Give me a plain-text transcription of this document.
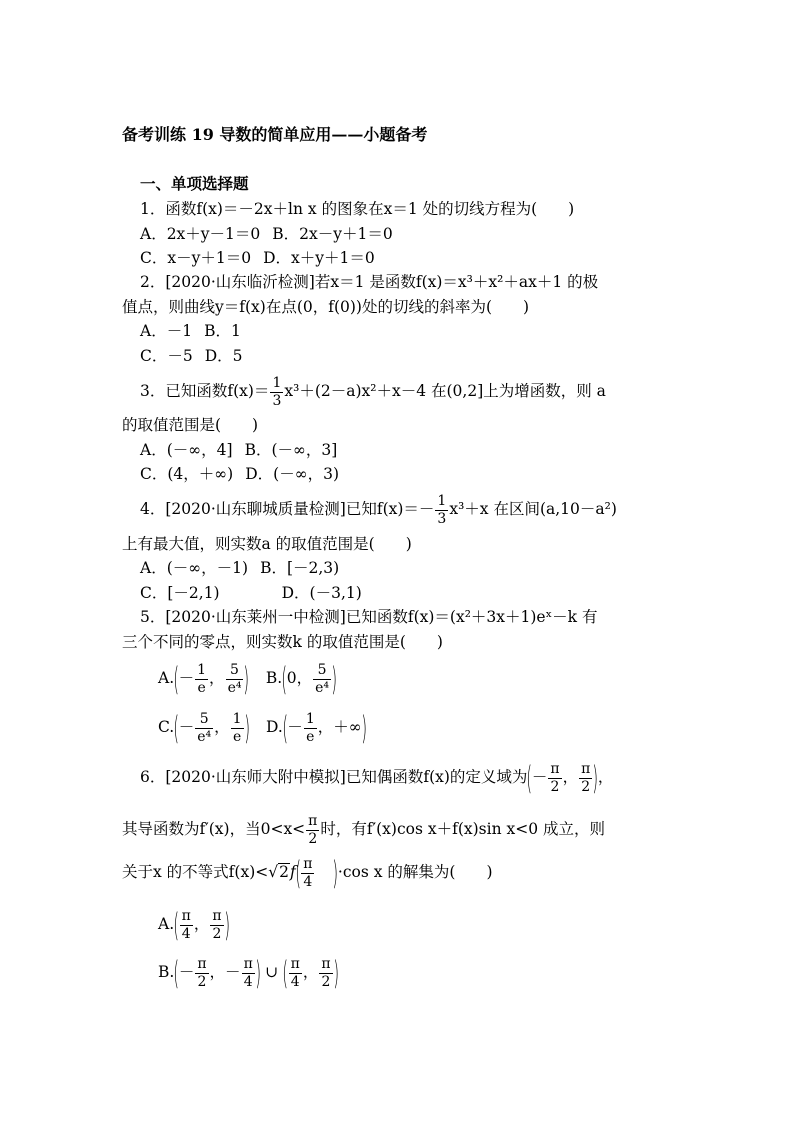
备考训练 19 导数的简单应用——小题备考
一、单项选择题
1．函数f(x)＝－2x＋ln x 的图象在x＝1 处的切线方程为(　　)
A．2x＋y－1＝0 B．2x－y＋1＝0
C．x－y＋1＝0 D．x＋y＋1＝0
2．[2020·山东临沂检测]若x＝1 是函数f(x)＝x³＋x²＋ax＋1 的极
值点，则曲线y＝f(x)在点(0，f(0))处的切线的斜率为(　　)
A．－1 B．1
C．－5 D．5
3．已知函数$f(x)= \frac{1}{3} x^3+(2-a)x^2+x-4$ 在(0,2]上为增函数，则 a
的取值范围是(　　)
A．(－∞，4] B．(－∞，3]
C．(4，＋∞) D．(－∞，3)
4．[2020·山东聊城质量检测]已知$f(x)=- \frac{1}{3} x^3+x$ 在区间(a,10－a²)
上有最大值，则实数a 的取值范围是(　　)
A．(－∞，－1) B．[－2,3)
C．[－2,1)	D．(－3,1)
5．[2020·山东莱州一中检测]已知函数f(x)＝(x²＋3x＋1)eˣ－k 有
三个不同的零点，则实数k 的取值范围是(　　)
$A.(- \frac{1}{e}$ ， $\frac{5}{\text{e⁴}}$ ) B.(0， $\frac{5}{\text{e⁴}}$ )
$C.(- \frac{5}{\text{e⁴}}$ ， $\frac{1}{e}$ ) $D.(- \frac{1}{e}$ ，＋∞)
6．[2020·山东师大附中模拟]已知偶函数f(x)的定义域为(－ $\frac{\pi}{2}$ ， $\frac{\pi}{2}$ )，
其导函数为f′(x)，当$0<x< \frac{\pi}{2}$ 时，有f′(x)cos x＋f(x)sin x<0 成立，则
关于x 的不等式$f(x)<√2f( \frac{\pi}{4} )\cdot\cos$ x 的解集为(　　)
$A.( \frac{\pi}{4}$ ， $\frac{\pi}{2}$ )
$B.(- \frac{\pi}{2}$ ，－ $\frac{\pi}{4}$ ) ∪ ( $\frac{\pi}{4}$ ， $\frac{\pi}{2}$ )
